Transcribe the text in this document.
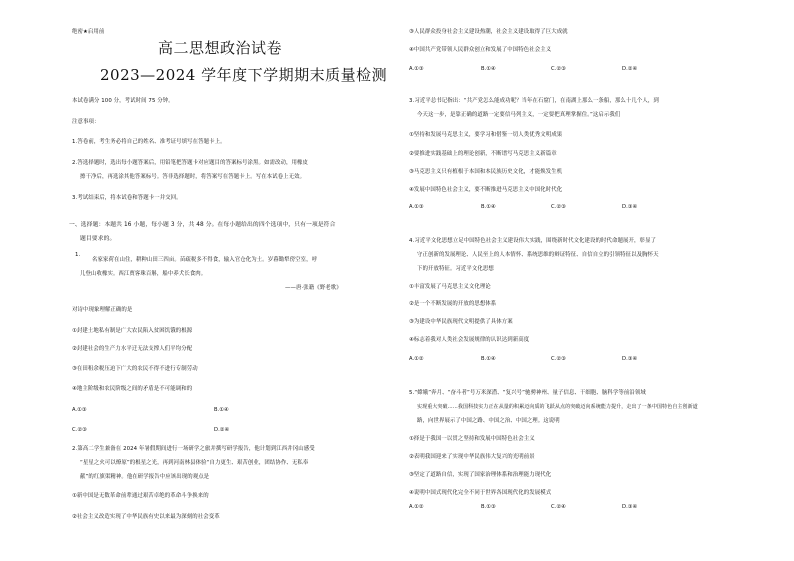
绝密★启用前
高二思想政治试卷
2023—2024 学年度下学期期末质量检测
本试卷满分 100 分，考试时间 75 分钟。
注意事项：
1.答卷前，考生务必将自己的姓名、准考证号填写在答题卡上。
2.答选择题时，选出每小题答案后，用铅笔把答题卡对应题目的答案标号涂黑。如需改动，用橡皮
擦干净后，再选涂其他答案标号。答非选择题时，将答案写在答题卡上。写在本试卷上无效。
3.考试结束后，将本试卷和答题卡一并交回。
一、选择题：本题共 16 小题，每小题 3 分，共 48 分。在每小题给出的四个选项中，只有一项是符合
题目要求的。
1.
名家家荷在山住，耕种山田三四亩。苗疏税多不得食，输入官仓化为土。岁暮锄犁傍空室，呼
儿登山收橡实。西江贾客珠百斛，船中养犬长食肉。
——唐·张籍《野老歌》
对诗中现象理解正确的是
①封建土地私有制是广大农民陷入贫困饥饿的根源
②封建社会的生产力水平迁无法支撑人们平均分配
③在田租余税压迫下广大的农民不得不进行专制劳动
④地主阶级和农民阶级之间的矛盾是不可能调和的
A.①③	B.①④
C.②③	D.②④
2.第高二学生兼备在 2024 年暑假期间进行一场研学之旅并撰写研学报告，他计划到江西井冈山感受
“星星之火可以燎原”的根星之光，再到河南林县体验“自力更生、艰苦创业，团结协作、无私奉
献”的红旗渠精神。他在研学报告中应该出现的观点是
①新中国是无数革命前辈通过艰苦卓绝的革命斗争换来的
②社会主义改造实现了中华民族有史以来最为深刻的社会变革
③人民群众投身社会主义建设热潮，社会主义建设取得了巨大成就
④中国共产党带领人民群众创立和发展了中国特色社会主义
A.①③	B.①④	C.②③	D.②④
3.习近平总书记指出：“共产党怎么能成功呢？当年在石窟门，在南湖上那么一条船，那么十几个人，到
今天这一步，是靠正确的道路一定要信马列主义，一定要把真理掌握住。”这启示我们
①坚持和发展马克思主义，要学习和借鉴一切人类优秀文明成果
②要推进实践基础上的理论创新，不断谱写马克思主义新篇章
③马克思主义只有植根于本国和本民族历史文化，才能焕发生机
④发展中国特色社会主义，要不断推进马克思主义中国化时代化
A.①③	B.①④	C.②③	D.③④
4.习近平文化思想立足中国特色社会主义建设伟大实践，围绕新时代文化建设的时代命题展开，彰显了
守正创新的发展理论、人民至上的人本情怀、系统思维的辩证特征、自信自立的引领特征以及胸怀天
下的开放特征。习近平文化思想
①丰富发展了马克思主义文化理论
②是一个不断发展的开放的思想体系
③为建设中华民族现代文明提供了具体方案
④标志着我对人类社会发展规律的认识达到新高度
A.①②	B.①④	C.②③	D.③④
5.“嫦娥”奔月、“奋斗者”号万米深潜、“复兴号”驰骋神州、量子信息、干细胞、脑科学等前沿领域
实现重大突破……我国科技实力正在从量的积累迈向质的飞跃从点的突破迈向系统能力提升，走出了一条中国特色自主创新道
路，向世界展示了中国之路、中国之治、中国之理。这说明
①择是于我国一以贯之坚持和发展中国特色社会主义
②表明我国迎来了实现中华民族伟大复兴的光明前景
③坚定了道路自信，实现了国家治理体系和治理能力现代化
④说明中国式现代化完全不同于世界各国现代化的发展模式
A.①②	B.①③	C.②④	D.③④
